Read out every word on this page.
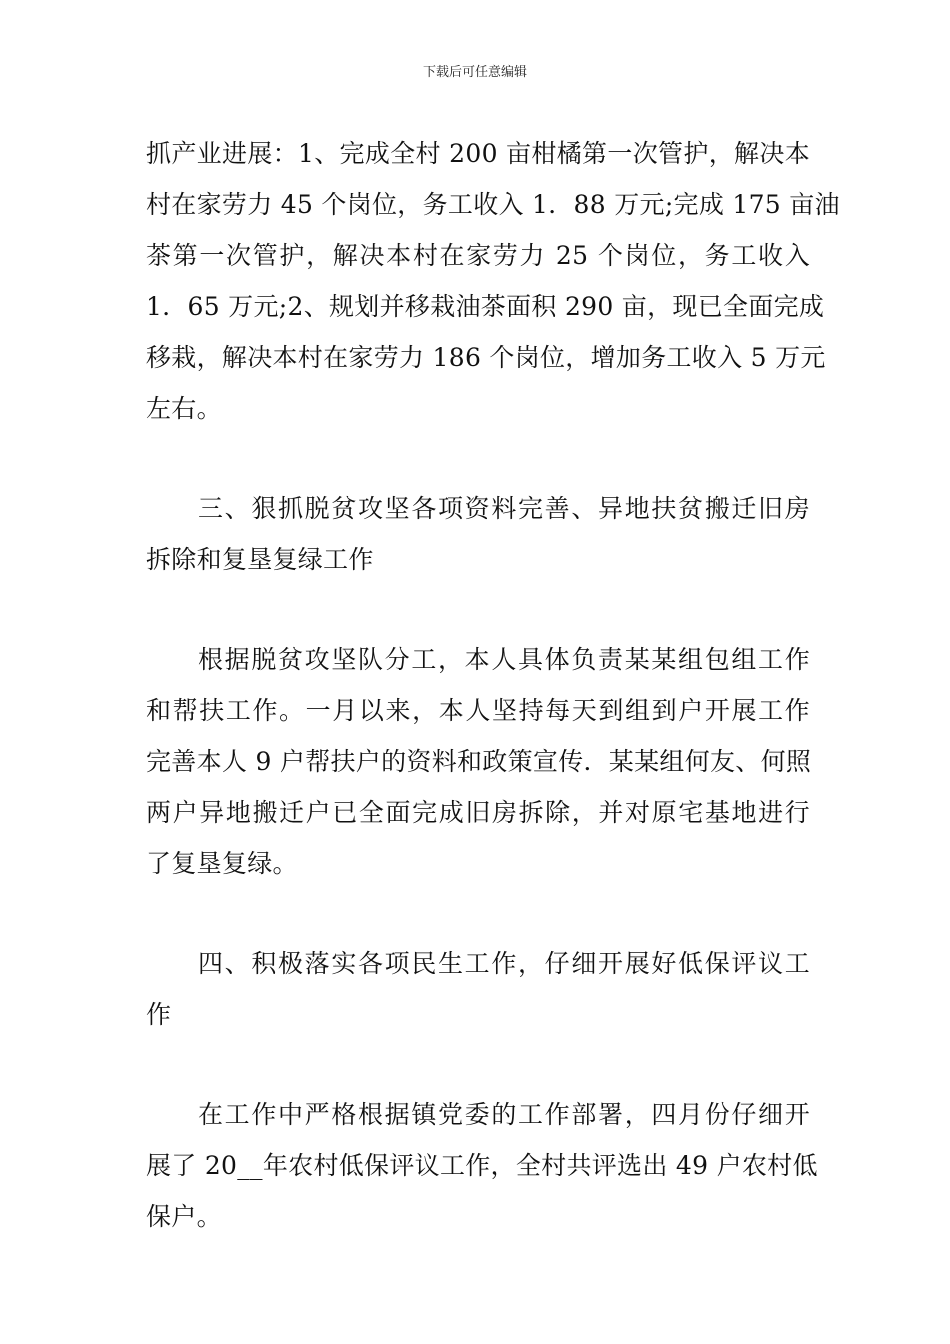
下载后可任意编辑
抓产业进展：1、完成全村 200 亩柑橘第一次管护，解决本
村在家劳力 45 个岗位，务工收入 1．88 万元;完成 175 亩油
茶第一次管护，解决本村在家劳力 25 个岗位，务工收入
1．65 万元;2、规划并移栽油茶面积 290 亩，现已全面完成
移栽，解决本村在家劳力 186 个岗位，增加务工收入 5 万元
左右。
三、狠抓脱贫攻坚各项资料完善、异地扶贫搬迁旧房
拆除和复垦复绿工作
根据脱贫攻坚队分工，本人具体负责某某组包组工作
和帮扶工作。一月以来，本人坚持每天到组到户开展工作
完善本人 9 户帮扶户的资料和政策宣传．某某组何友、何照
两户异地搬迁户已全面完成旧房拆除，并对原宅基地进行
了复垦复绿。
四、积极落实各项民生工作，仔细开展好低保评议工
作
在工作中严格根据镇党委的工作部署，四月份仔细开
展了 20__年农村低保评议工作，全村共评选出 49 户农村低
保户。
